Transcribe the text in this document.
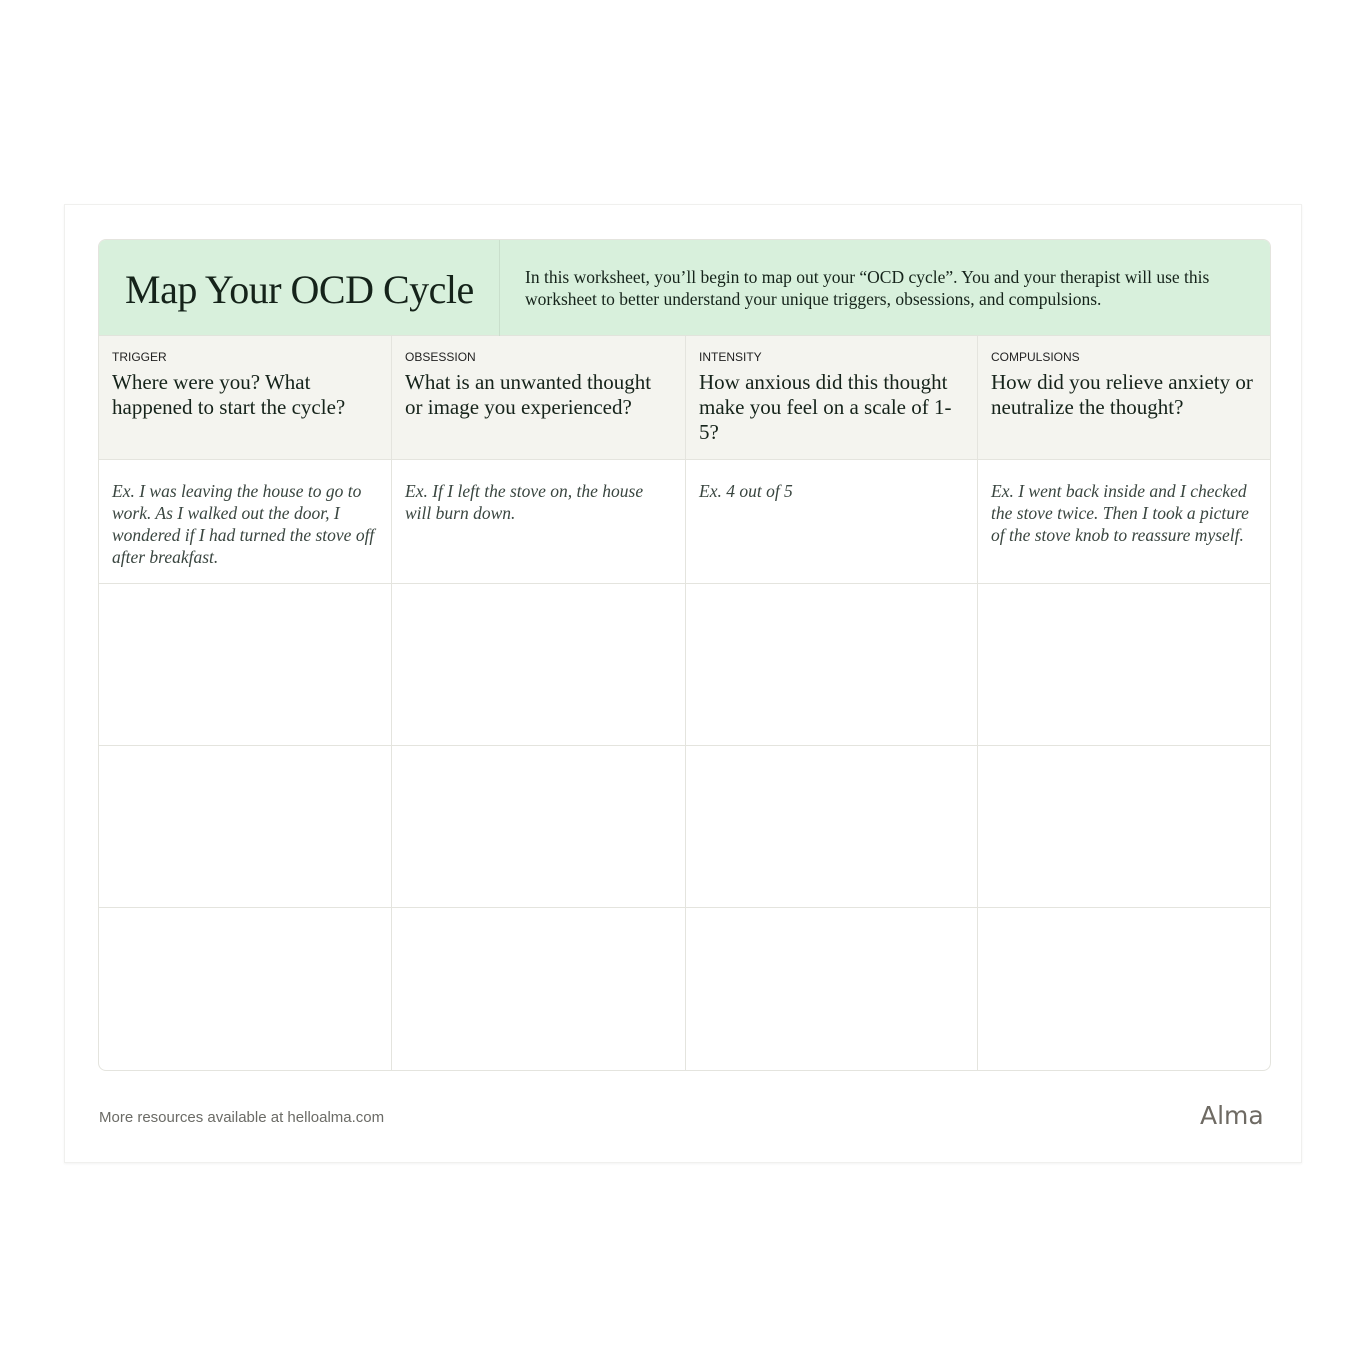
Map Your OCD Cycle	In this worksheet, you’ll begin to map out your “OCD cycle”. You and your therapist will use this worksheet to better understand your unique triggers, obsessions, and compulsions.
TRIGGER
Where were you? What happened to start the cycle?
Ex. I was leaving the house to go to work. As I walked out the door, I wondered if I had turned the stove off after breakfast.
OBSESSION
What is an unwanted thought or image you experienced?
Ex. If I left the stove on, the house will burn down.
INTENSITY
How anxious did this thought make you feel on a scale of 1-5?
Ex. 4 out of 5
COMPULSIONS
How did you relieve anxiety or neutralize the thought?
Ex. I went back inside and I checked the stove twice. Then I took a picture of the stove knob to reassure myself.
More resources available at helloalma.com	Alma
